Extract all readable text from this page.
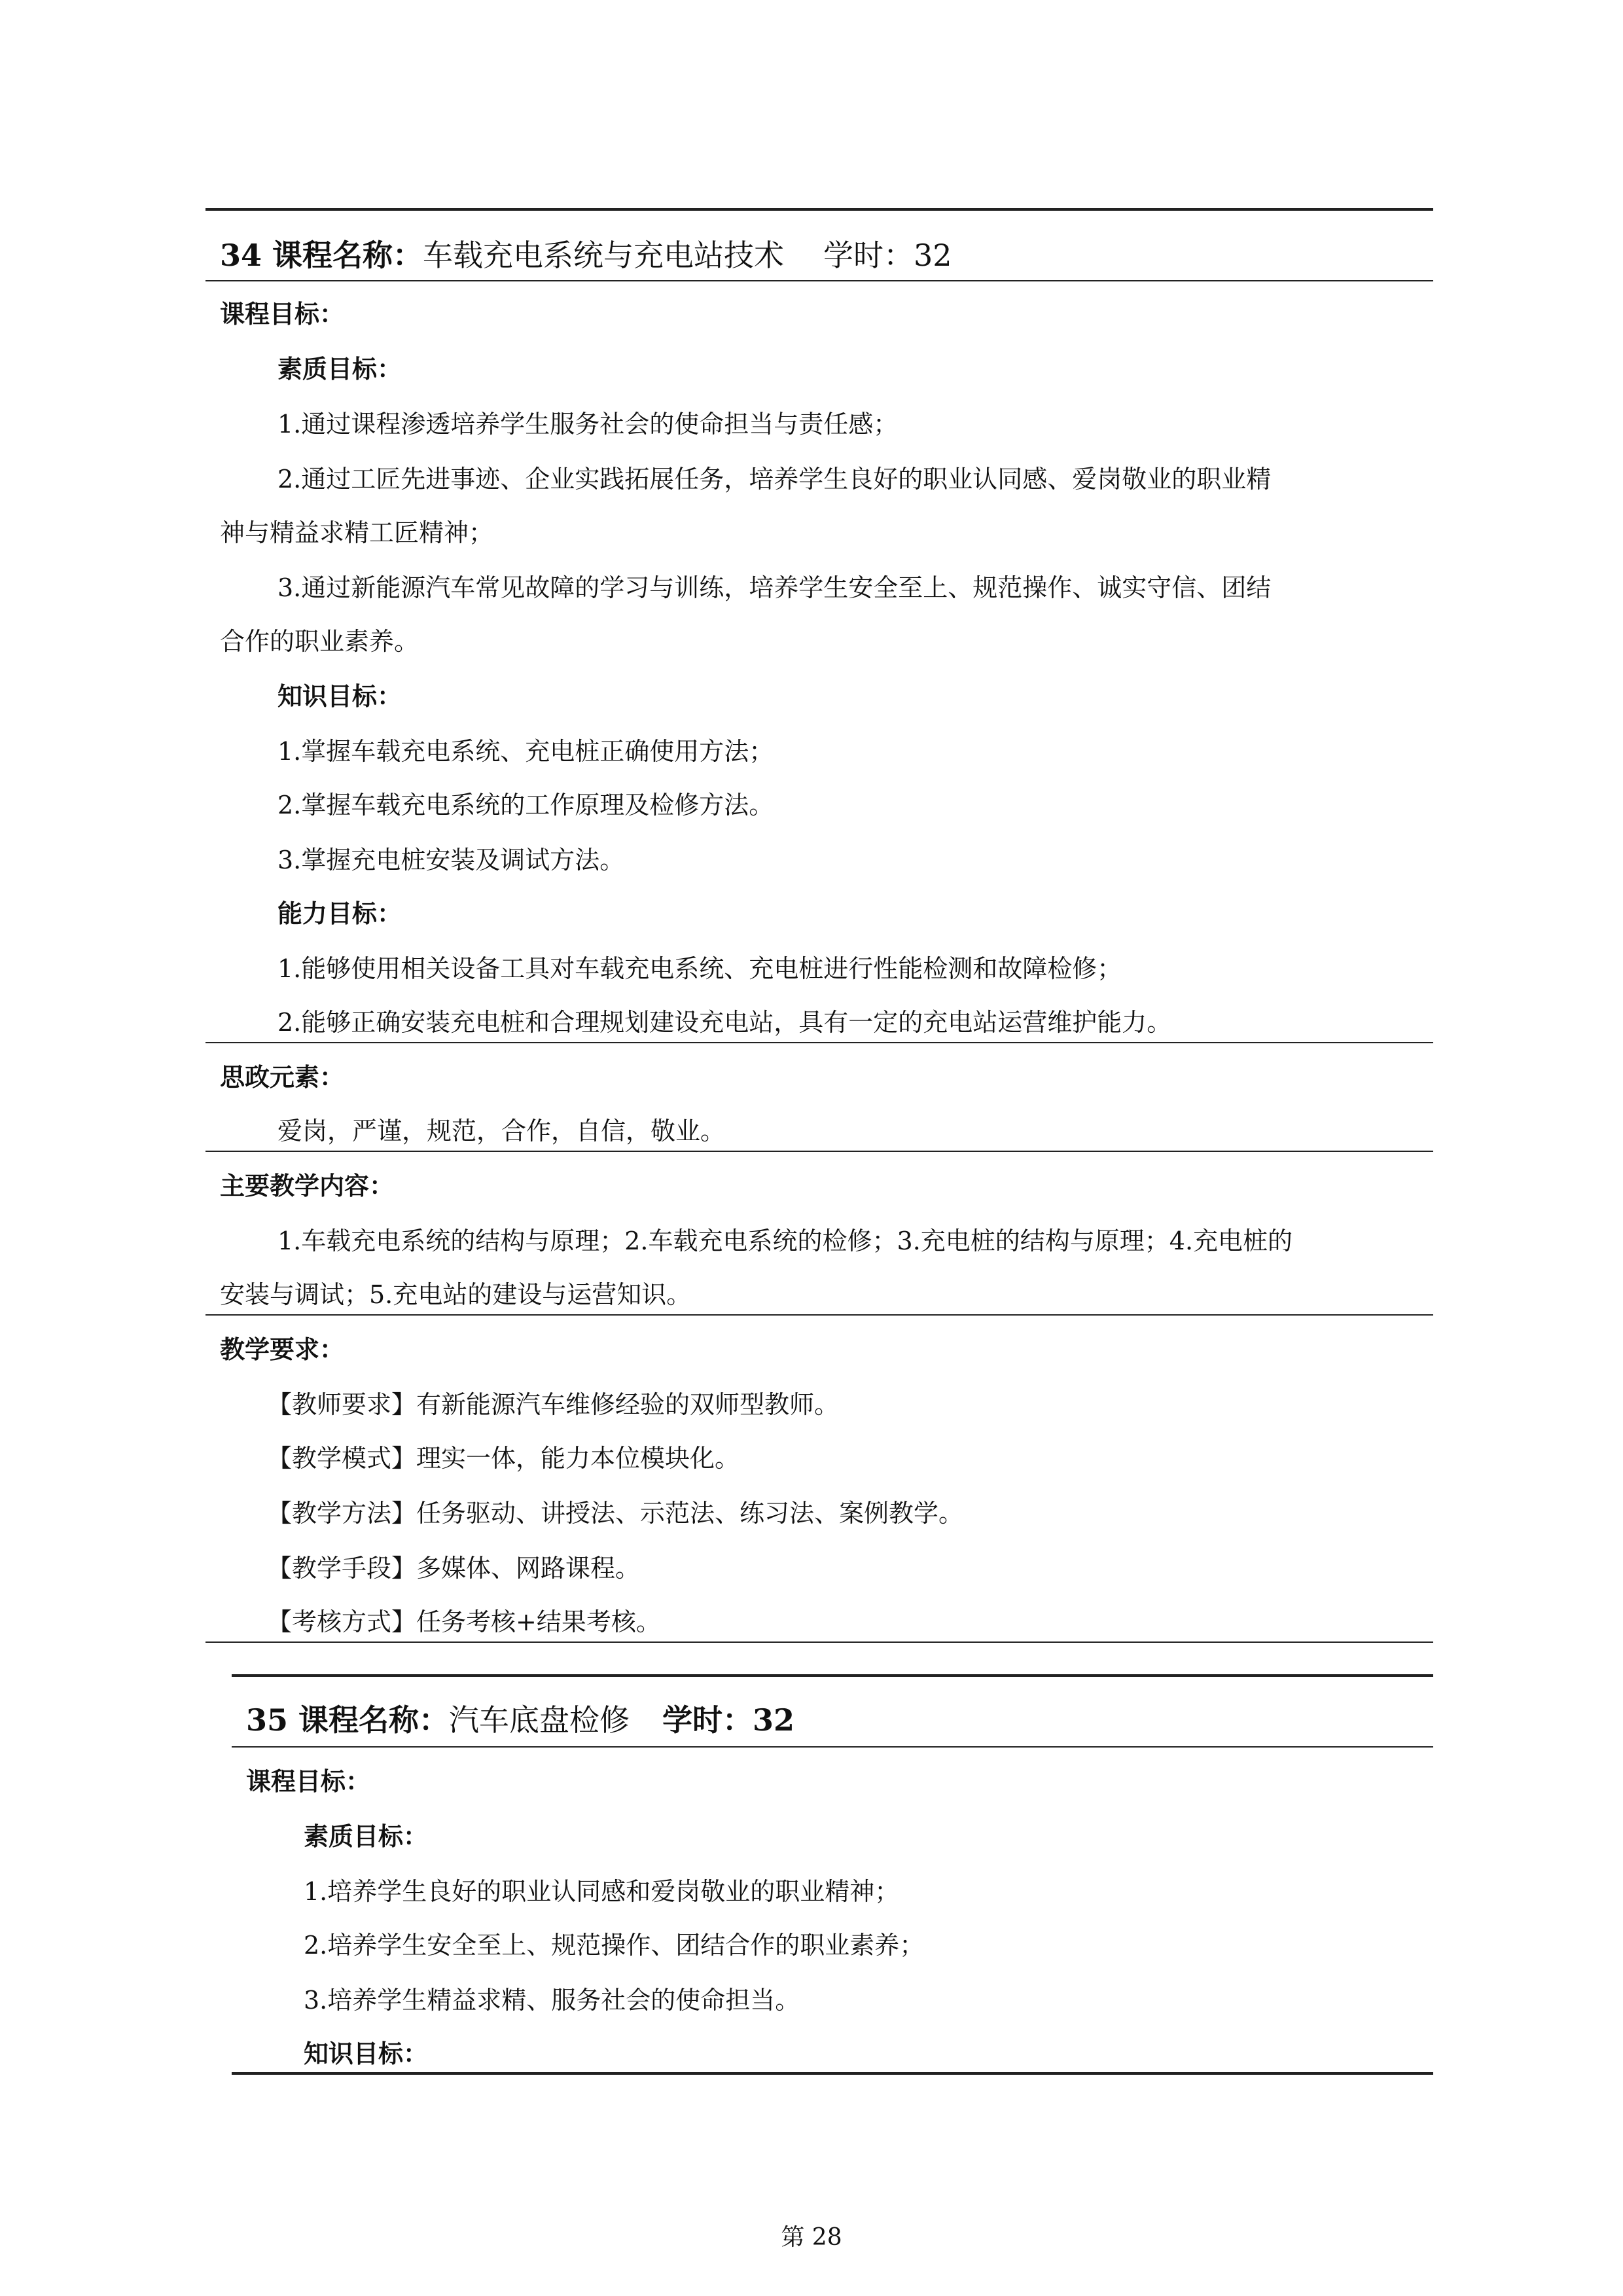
34 课程名称：车载充电系统与充电站技术 学时：32
课程目标：
素质目标：
1.通过课程渗透培养学生服务社会的使命担当与责任感；
2.通过工匠先进事迹、企业实践拓展任务，培养学生良好的职业认同感、爱岗敬业的职业精
神与精益求精工匠精神；
3.通过新能源汽车常见故障的学习与训练，培养学生安全至上、规范操作、诚实守信、团结
合作的职业素养。
知识目标：
1.掌握车载充电系统、充电桩正确使用方法；
2.掌握车载充电系统的工作原理及检修方法。
3.掌握充电桩安装及调试方法。
能力目标：
1.能够使用相关设备工具对车载充电系统、充电桩进行性能检测和故障检修；
2.能够正确安装充电桩和合理规划建设充电站，具有一定的充电站运营维护能力。
思政元素：
爱岗，严谨，规范，合作，自信，敬业。
主要教学内容：
1.车载充电系统的结构与原理；2.车载充电系统的检修；3.充电桩的结构与原理；4.充电桩的
安装与调试；5.充电站的建设与运营知识。
教学要求：
【教师要求】有新能源汽车维修经验的双师型教师。
【教学模式】理实一体，能力本位模块化。
【教学方法】任务驱动、讲授法、示范法、练习法、案例教学。
【教学手段】多媒体、网路课程。
【考核方式】任务考核+结果考核。
35 课程名称：汽车底盘检修 学时：32
课程目标：
素质目标：
1.培养学生良好的职业认同感和爱岗敬业的职业精神；
2.培养学生安全至上、规范操作、团结合作的职业素养；
3.培养学生精益求精、服务社会的使命担当。
知识目标：
第 28
